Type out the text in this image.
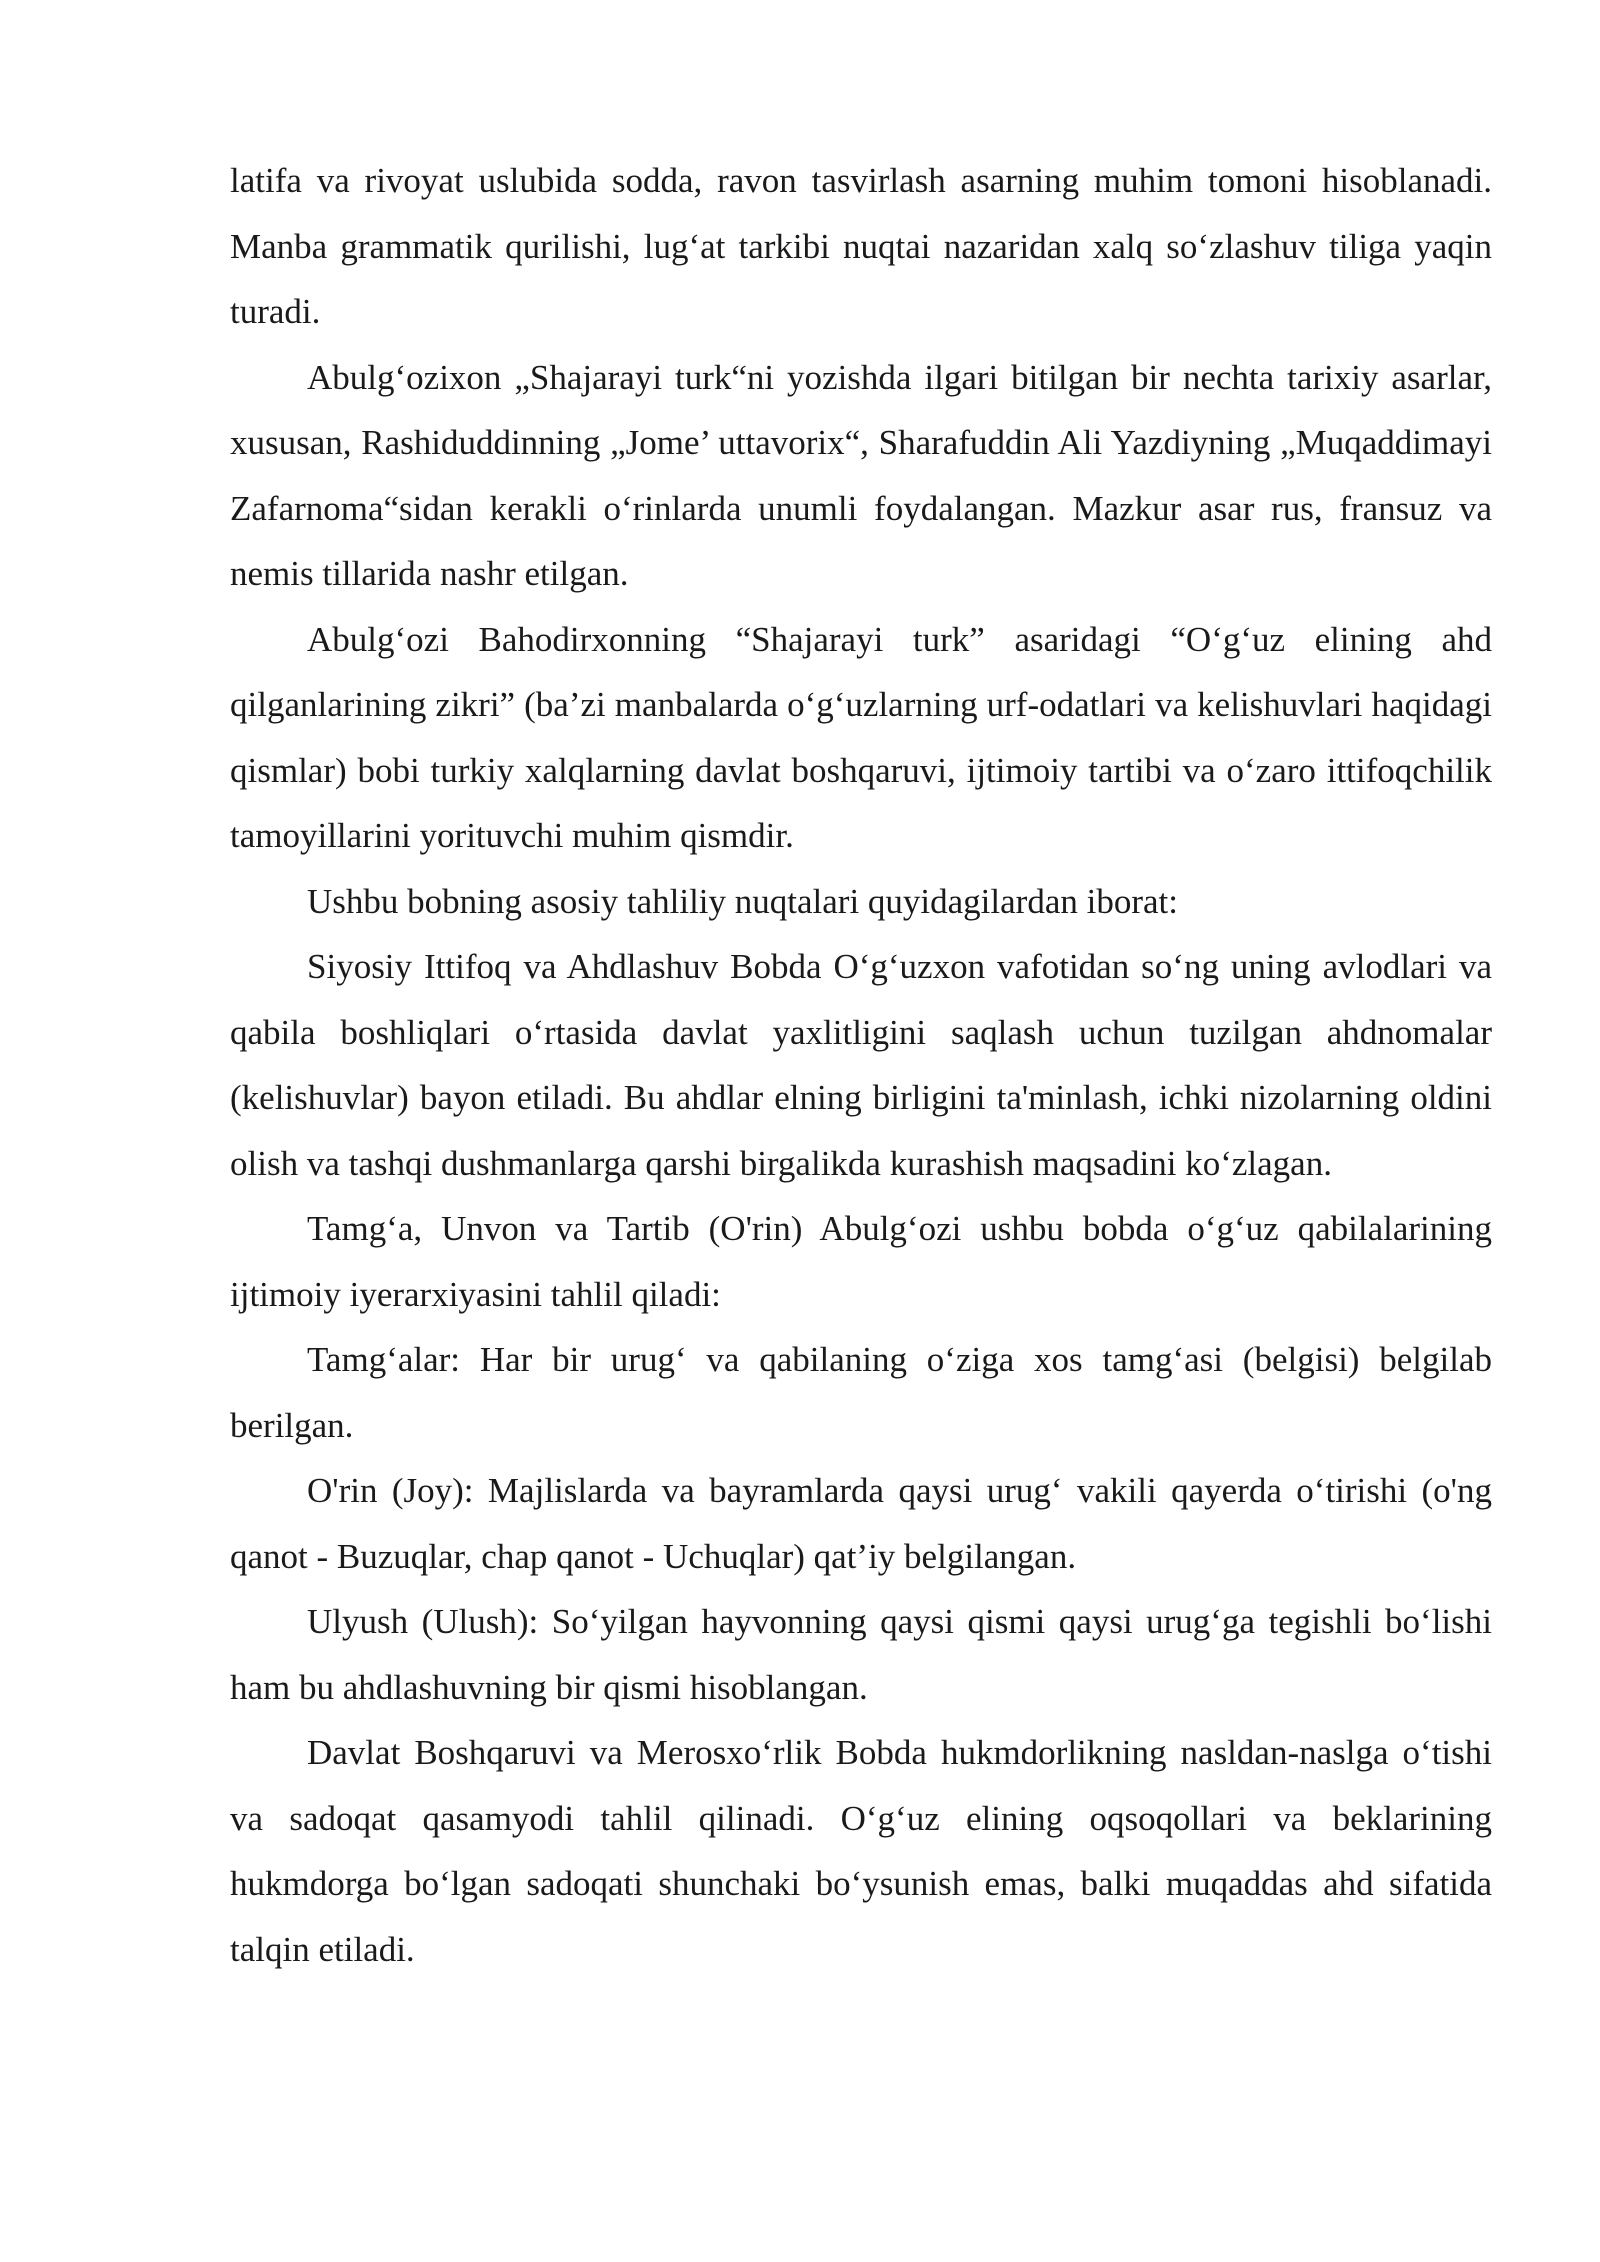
latifa va rivoyat uslubida sodda, ravon tasvirlash asarning muhim tomoni hisoblanadi. Manba grammatik qurilishi, lugʻat tarkibi nuqtai nazaridan xalq soʻzlashuv tiliga yaqin turadi.

Abulgʻozixon „Shajarayi turk“ni yozishda ilgari bitilgan bir nechta tarixiy asarlar, xususan, Rashiduddinning „Jome’ uttavorix“, Sharafuddin Ali Yazdiyning „Muqaddimayi Zafarnoma“sidan kerakli oʻrinlarda unumli foydalangan. Mazkur asar rus, fransuz va nemis tillarida nashr etilgan.

Abulgʻozi Bahodirxonning “Shajarayi turk” asaridagi “Oʻgʻuz elining ahd qilganlarining zikri” (ba’zi manbalarda oʻgʻuzlarning urf-odatlari va kelishuvlari haqidagi qismlar) bobi turkiy xalqlarning davlat boshqaruvi, ijtimoiy tartibi va oʻzaro ittifoqchilik tamoyillarini yorituvchi muhim qismdir.

Ushbu bobning asosiy tahliliy nuqtalari quyidagilardan iborat:

Siyosiy Ittifoq va Ahdlashuv Bobda Oʻgʻuzxon vafotidan soʻng uning avlodlari va qabila boshliqlari oʻrtasida davlat yaxlitligini saqlash uchun tuzilgan ahdnomalar (kelishuvlar) bayon etiladi. Bu ahdlar elning birligini ta'minlash, ichki nizolarning oldini olish va tashqi dushmanlarga qarshi birgalikda kurashish maqsadini koʻzlagan.

Tamgʻa, Unvon va Tartib (O'rin) Abulgʻozi ushbu bobda oʻgʻuz qabilalarining ijtimoiy iyerarxiyasini tahlil qiladi:

Tamgʻalar: Har bir urugʻ va qabilaning oʻziga xos tamgʻasi (belgisi) belgilab berilgan.

O'rin (Joy): Majlislarda va bayramlarda qaysi urugʻ vakili qayerda oʻtirishi (o'ng qanot - Buzuqlar, chap qanot - Uchuqlar) qat’iy belgilangan.

Ulyush (Ulush): Soʻyilgan hayvonning qaysi qismi qaysi urugʻga tegishli boʻlishi ham bu ahdlashuvning bir qismi hisoblangan.

Davlat Boshqaruvi va Merosxoʻrlik Bobda hukmdorlikning nasldan-naslga oʻtishi va sadoqat qasamyodi tahlil qilinadi. Oʻgʻuz elining oqsoqollari va beklarining hukmdorga boʻlgan sadoqati shunchaki boʻysunish emas, balki muqaddas ahd sifatida talqin etiladi.
